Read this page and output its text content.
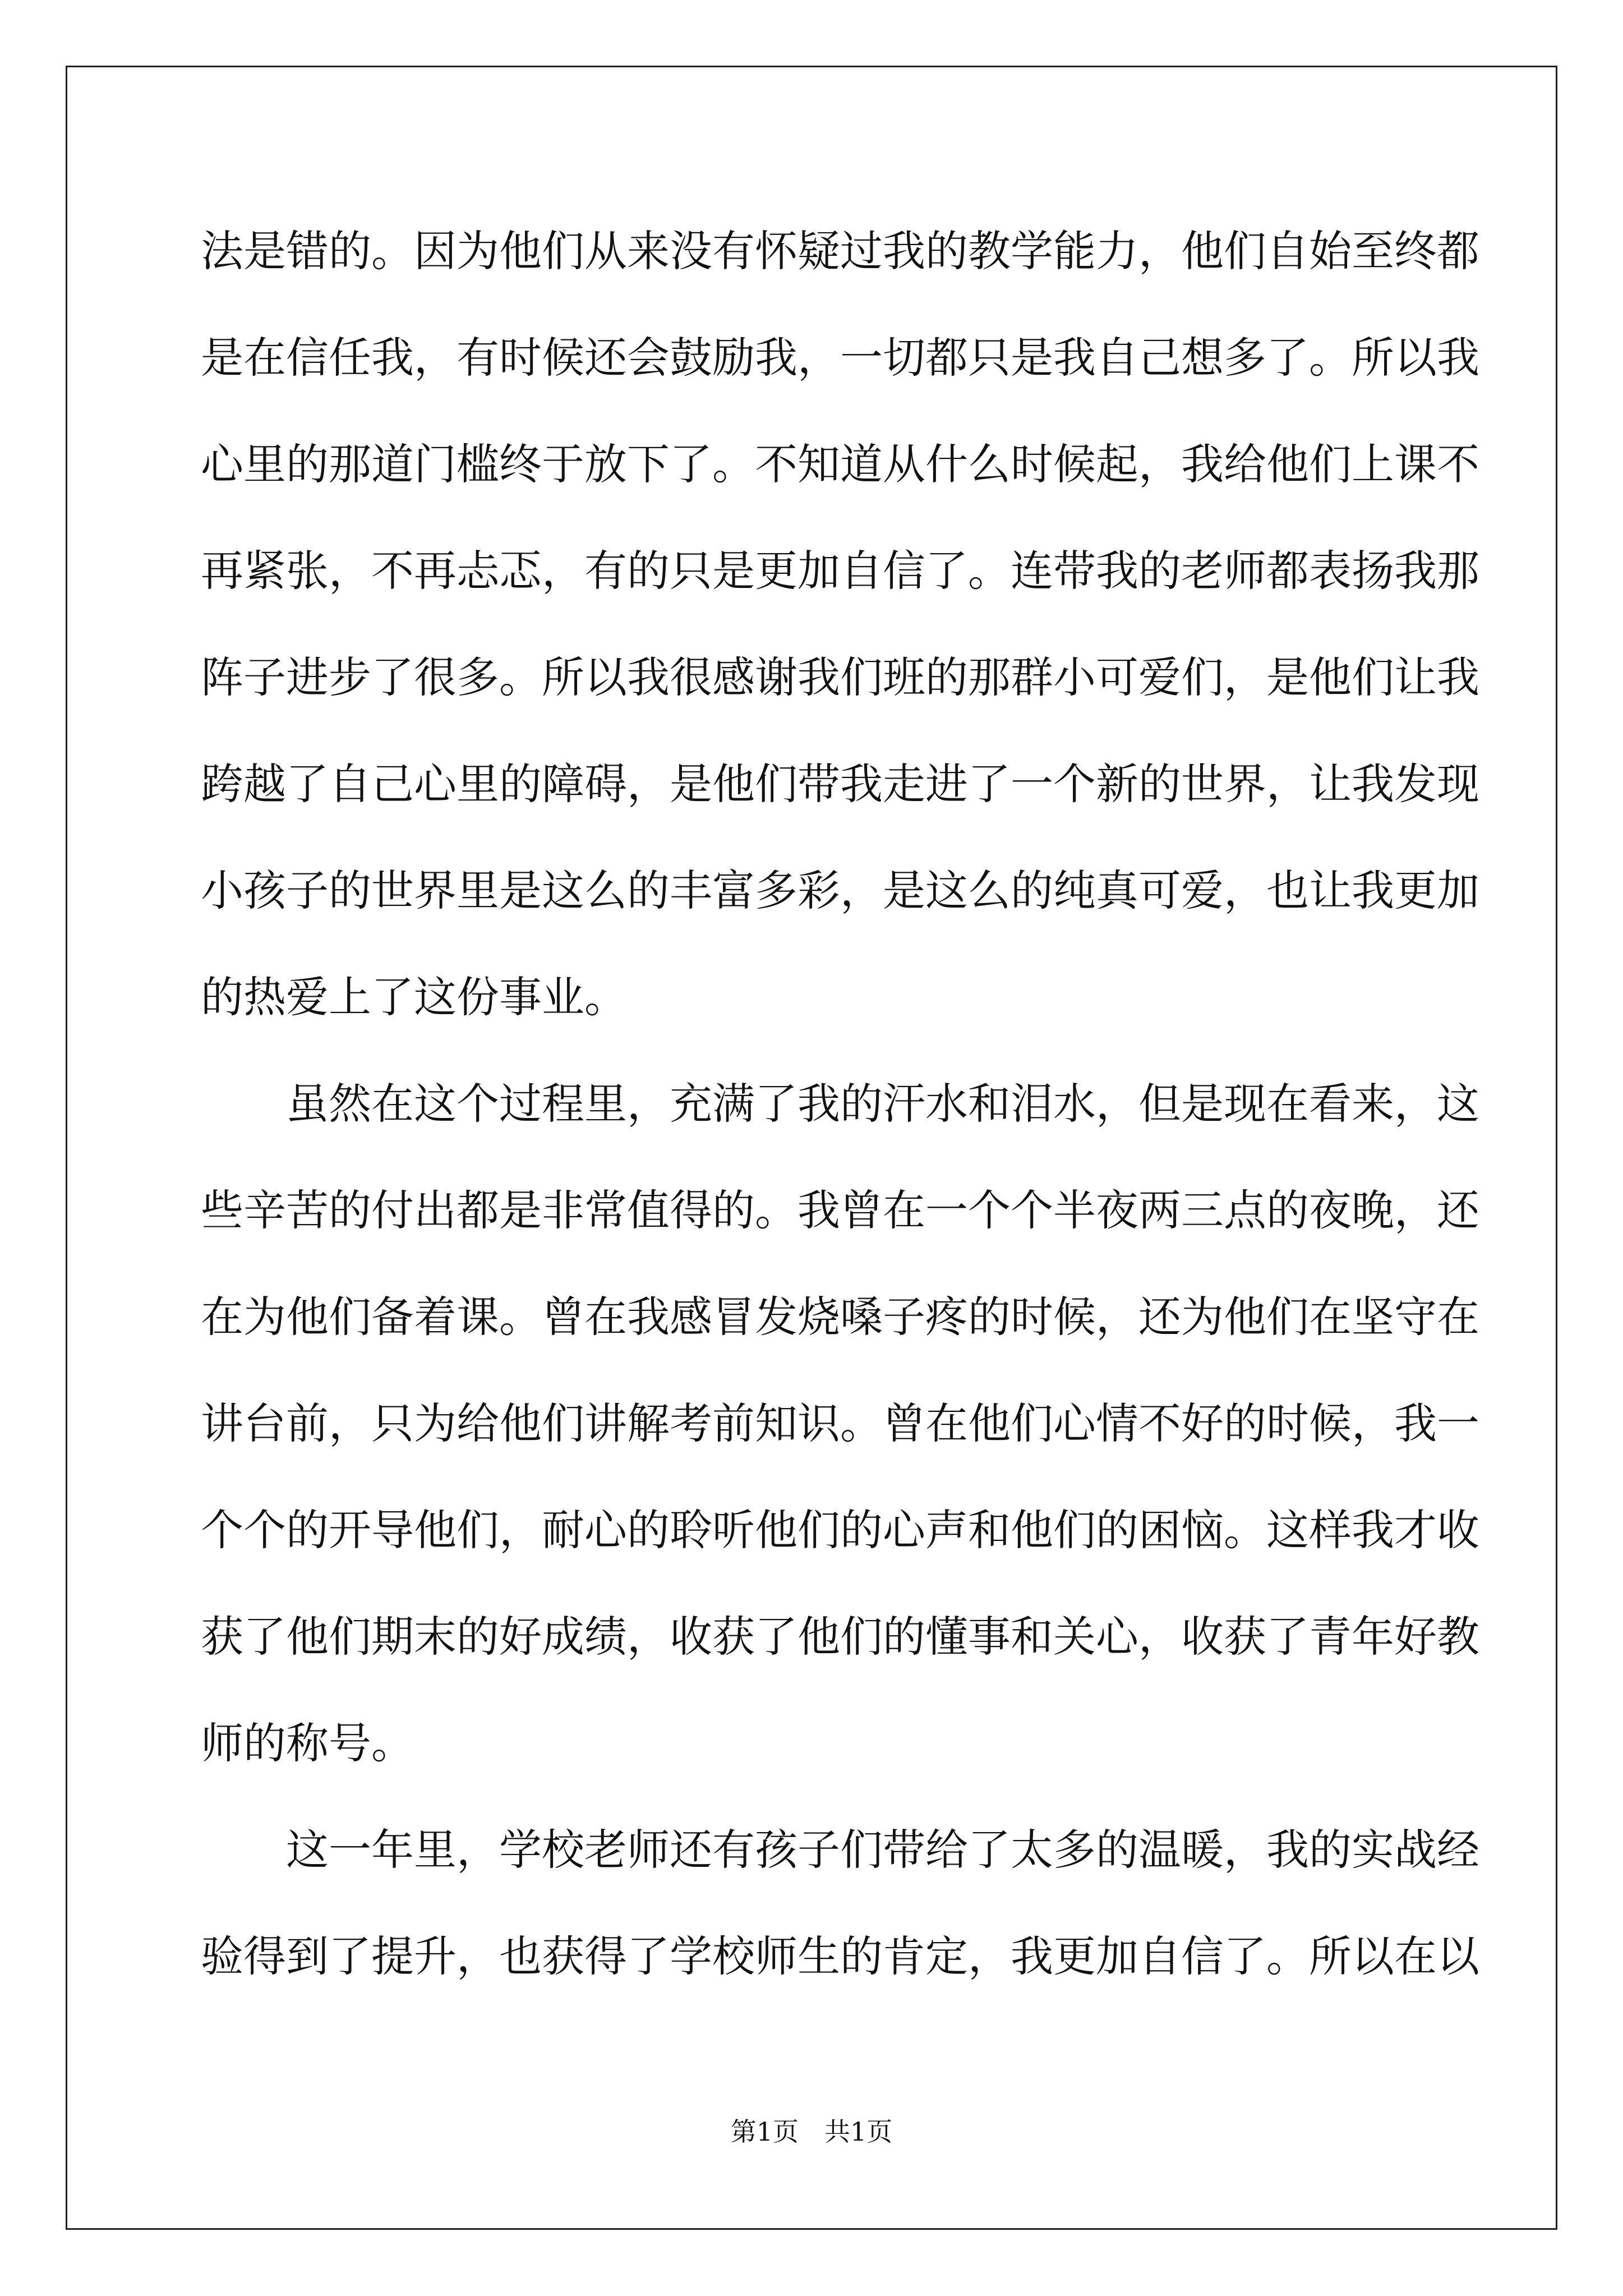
法是错的。因为他们从来没有怀疑过我的教学能力，他们自始至终都
是在信任我，有时候还会鼓励我，一切都只是我自己想多了。所以我
心里的那道门槛终于放下了。不知道从什么时候起，我给他们上课不
再紧张，不再忐忑，有的只是更加自信了。连带我的老师都表扬我那
阵子进步了很多。所以我很感谢我们班的那群小可爱们，是他们让我
跨越了自己心里的障碍，是他们带我走进了一个新的世界，让我发现
小孩子的世界里是这么的丰富多彩，是这么的纯真可爱，也让我更加
的热爱上了这份事业。
　　虽然在这个过程里，充满了我的汗水和泪水，但是现在看来，这
些辛苦的付出都是非常值得的。我曾在一个个半夜两三点的夜晚，还
在为他们备着课。曾在我感冒发烧嗓子疼的时候，还为他们在坚守在
讲台前，只为给他们讲解考前知识。曾在他们心情不好的时候，我一
个个的开导他们，耐心的聆听他们的心声和他们的困恼。这样我才收
获了他们期末的好成绩，收获了他们的懂事和关心，收获了青年好教
师的称号。
　　这一年里，学校老师还有孩子们带给了太多的温暖，我的实战经
验得到了提升，也获得了学校师生的肯定，我更加自信了。所以在以
第1页　共1页
